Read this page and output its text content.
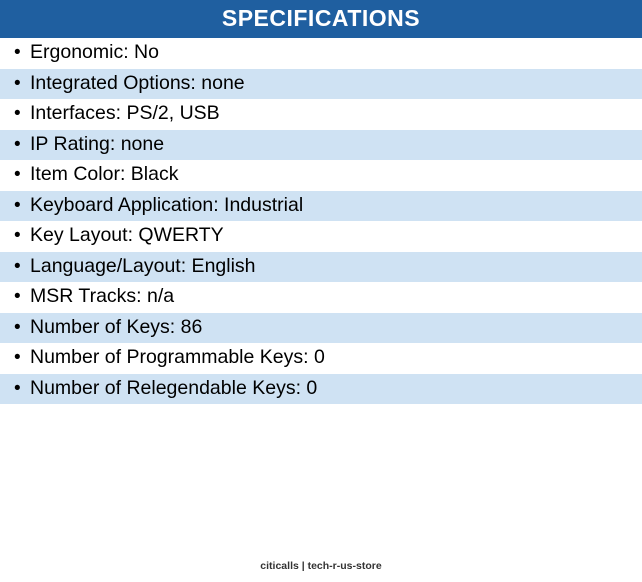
SPECIFICATIONS
• Ergonomic: No
• Integrated Options: none
• Interfaces: PS/2, USB
• IP Rating: none
• Item Color: Black
• Keyboard Application: Industrial
• Key Layout: QWERTY
• Language/Layout: English
• MSR Tracks: n/a
• Number of Keys: 86
• Number of Programmable Keys: 0
• Number of Relegendable Keys: 0
citicalls | tech-r-us-store
